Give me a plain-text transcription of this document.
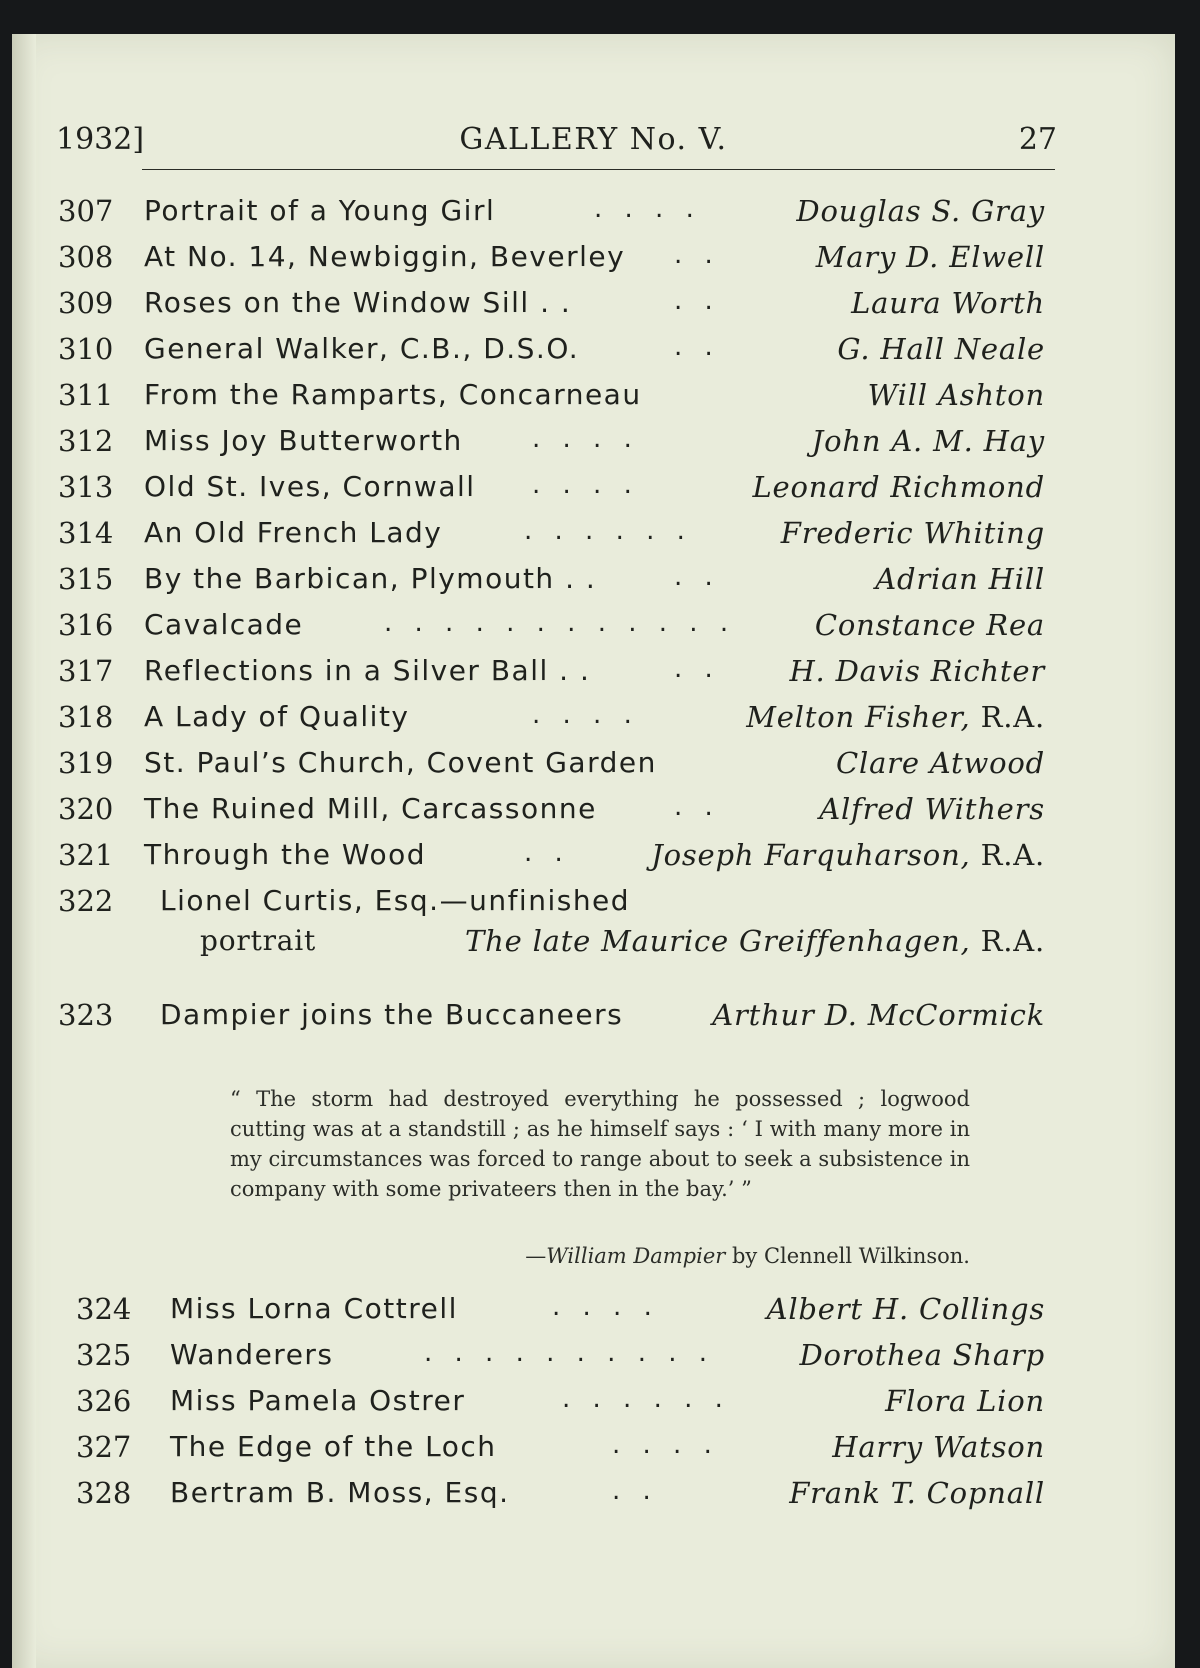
1932]	GALLERY No. V.	27
307 Portrait of a Young Girl	. . . .	Douglas S. Gray
308 At No. 14, Newbiggin, Beverley . .	Mary D. Elwell
309 Roses on the Window Sill . .	. .	Laura Worth
310 General Walker, C.B., D.S.O.	. .	G. Hall Neale
311 From the Ramparts, Concarneau	Will Ashton
312 Miss Joy Butterworth	. . . .	John A. M. Hay
313 Old St. Ives, Cornwall . . . .	Leonard Richmond
314 An Old French Lady	. . . . . .	Frederic Whiting
315 By the Barbican, Plymouth . .	. .	Adrian Hill
316 Cavalcade	. . . . . . . . . . . .	Constance Rea
317 Reflections in a Silver Ball . .	. . H. Davis Richter
318 A Lady of Quality	. . . .	Melton Fisher, R.A.
319 St. Paul’s Church, Covent Garden	Clare Atwood
320 The Ruined Mill, Carcassonne	. .	Alfred Withers
321 Through the Wood	. .	Joseph Farquharson, R.A.
322 Lionel Curtis, Esq.—unfinished
portrait	The late Maurice Greiffenhagen, R.A.
323 Dampier joins the Buccaneers	Arthur D. McCormick

“ The storm had destroyed everything he possessed ; logwood cutting was at a standstill ; as he himself says : ‘ I with many more in my circumstances was forced to range about to seek a subsistence in company with some privateers then in the bay.’ ”

—William Dampier by Clennell Wilkinson.
324 Miss Lorna Cottrell	. . . .	Albert H. Collings
325 Wanderers	. . . . . . . . . .	Dorothea Sharp
326 Miss Pamela Ostrer	. . . . . .	Flora Lion
327 The Edge of the Loch	. . . .	Harry Watson
328 Bertram B. Moss, Esq.	. .	Frank T. Copnall
